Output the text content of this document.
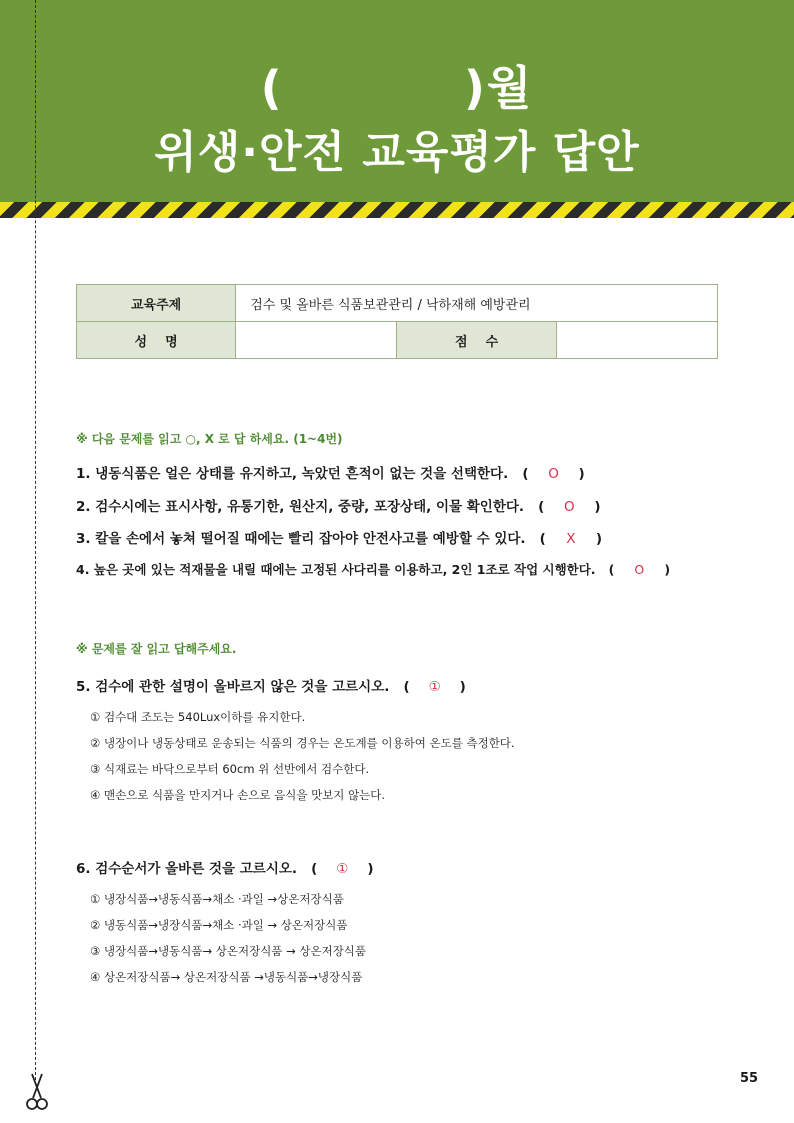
(          )월
위생·안전 교육평가 답안
교육주제	검수 및 올바른 식품보관관리 / 낙하재해 예방관리		
성    명		점    수	
※ 다음 문제를 읽고 ○, X 로 답 하세요. (1~4번)
1. 냉동식품은 얼은 상태를 유지하고, 녹았던 흔적이 없는 것을 선택한다.   ( O )
2. 검수시에는 표시사항, 유통기한, 원산지, 중량, 포장상태, 이물 확인한다.   ( O )
3. 칼을 손에서 놓쳐 떨어질 때에는 빨리 잡아야 안전사고를 예방할 수 있다.   ( X )
4. 높은 곳에 있는 적재물을 내릴 때에는 고정된 사다리를 이용하고, 2인 1조로 작업 시행한다.   ( O )
※ 문제를 잘 읽고 답해주세요.
5. 검수에 관한 설명이 올바르지 않은 것을 고르시오.   ( ① )
① 검수대 조도는 540Lux이하를 유지한다.
② 냉장이나 냉동상태로 운송되는 식품의 경우는 온도계를 이용하여 온도를 측정한다.
③ 식재료는 바닥으로부터 60cm 위 선반에서 검수한다.
④ 맨손으로 식품을 만지거나 손으로 음식을 맛보지 않는다.
6. 검수순서가 올바른 것을 고르시오.   ( ① )
① 냉장식품→냉동식품→채소 ·과일 →상온저장식품
② 냉동식품→냉장식품→채소 ·과일 → 상온저장식품
③ 냉장식품→냉동식품→ 상온저장식품 → 상온저장식품
④ 상온저장식품→ 상온저장식품 →냉동식품→냉장식품
55
